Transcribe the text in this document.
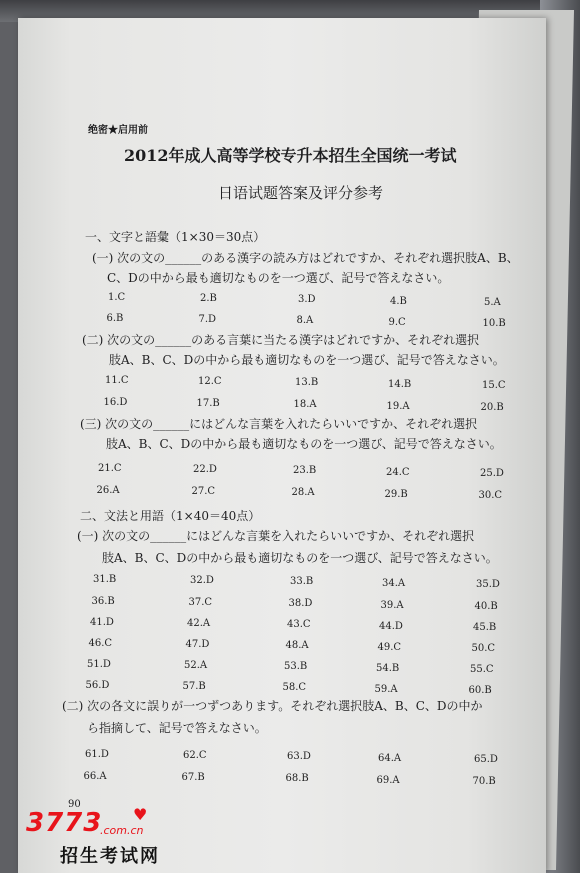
绝密★启用前
2012年成人高等学校专升本招生全国统一考试
日语试题答案及评分参考
一、文字と語彙（1×30＝30点）
(一) 次の文の______のある漢字の読み方はどれですか、それぞれ選択肢A、B、
C、Dの中から最も適切なものを一つ選び、記号で答えなさい。
(二) 次の文の______のある言葉に当たる漢字はどれですか、それぞれ選択
肢A、B、C、Dの中から最も適切なものを一つ選び、記号で答えなさい。
(三) 次の文の______にはどんな言葉を入れたらいいですか、それぞれ選択
肢A、B、C、Dの中から最も適切なものを一つ選び、記号で答えなさい。
二、文法と用語（1×40＝40点）
(一) 次の文の______にはどんな言葉を入れたらいいですか、それぞれ選択
肢A、B、C、Dの中から最も適切なものを一つ選び、記号で答えなさい。
(二) 次の各文に誤りが一つずつあります。それぞれ選択肢A、B、C、Dの中か
ら指摘して、記号で答えなさい。
90
1.C	2.B	3.D	4.B	5.A
6.B	7.D	8.A	9.C	10.B
11.C	12.C	13.B	14.B	15.C
16.D	17.B	18.A	19.A	20.B
21.C	22.D	23.B	24.C	25.D
26.A	27.C	28.A	29.B	30.C
31.B	32.D	33.B	34.A	35.D
36.B	37.C	38.D	39.A	40.B
41.D	42.A	43.C	44.D	45.B
46.C	47.D	48.A	49.C	50.C
51.D	52.A	53.B	54.B	55.C
56.D	57.B	58.C	59.A	60.B
61.D	62.C	63.D	64.A	65.D
66.A	67.B	68.B	69.A	70.B
3773 ♥
.com.cn
招生考试网
